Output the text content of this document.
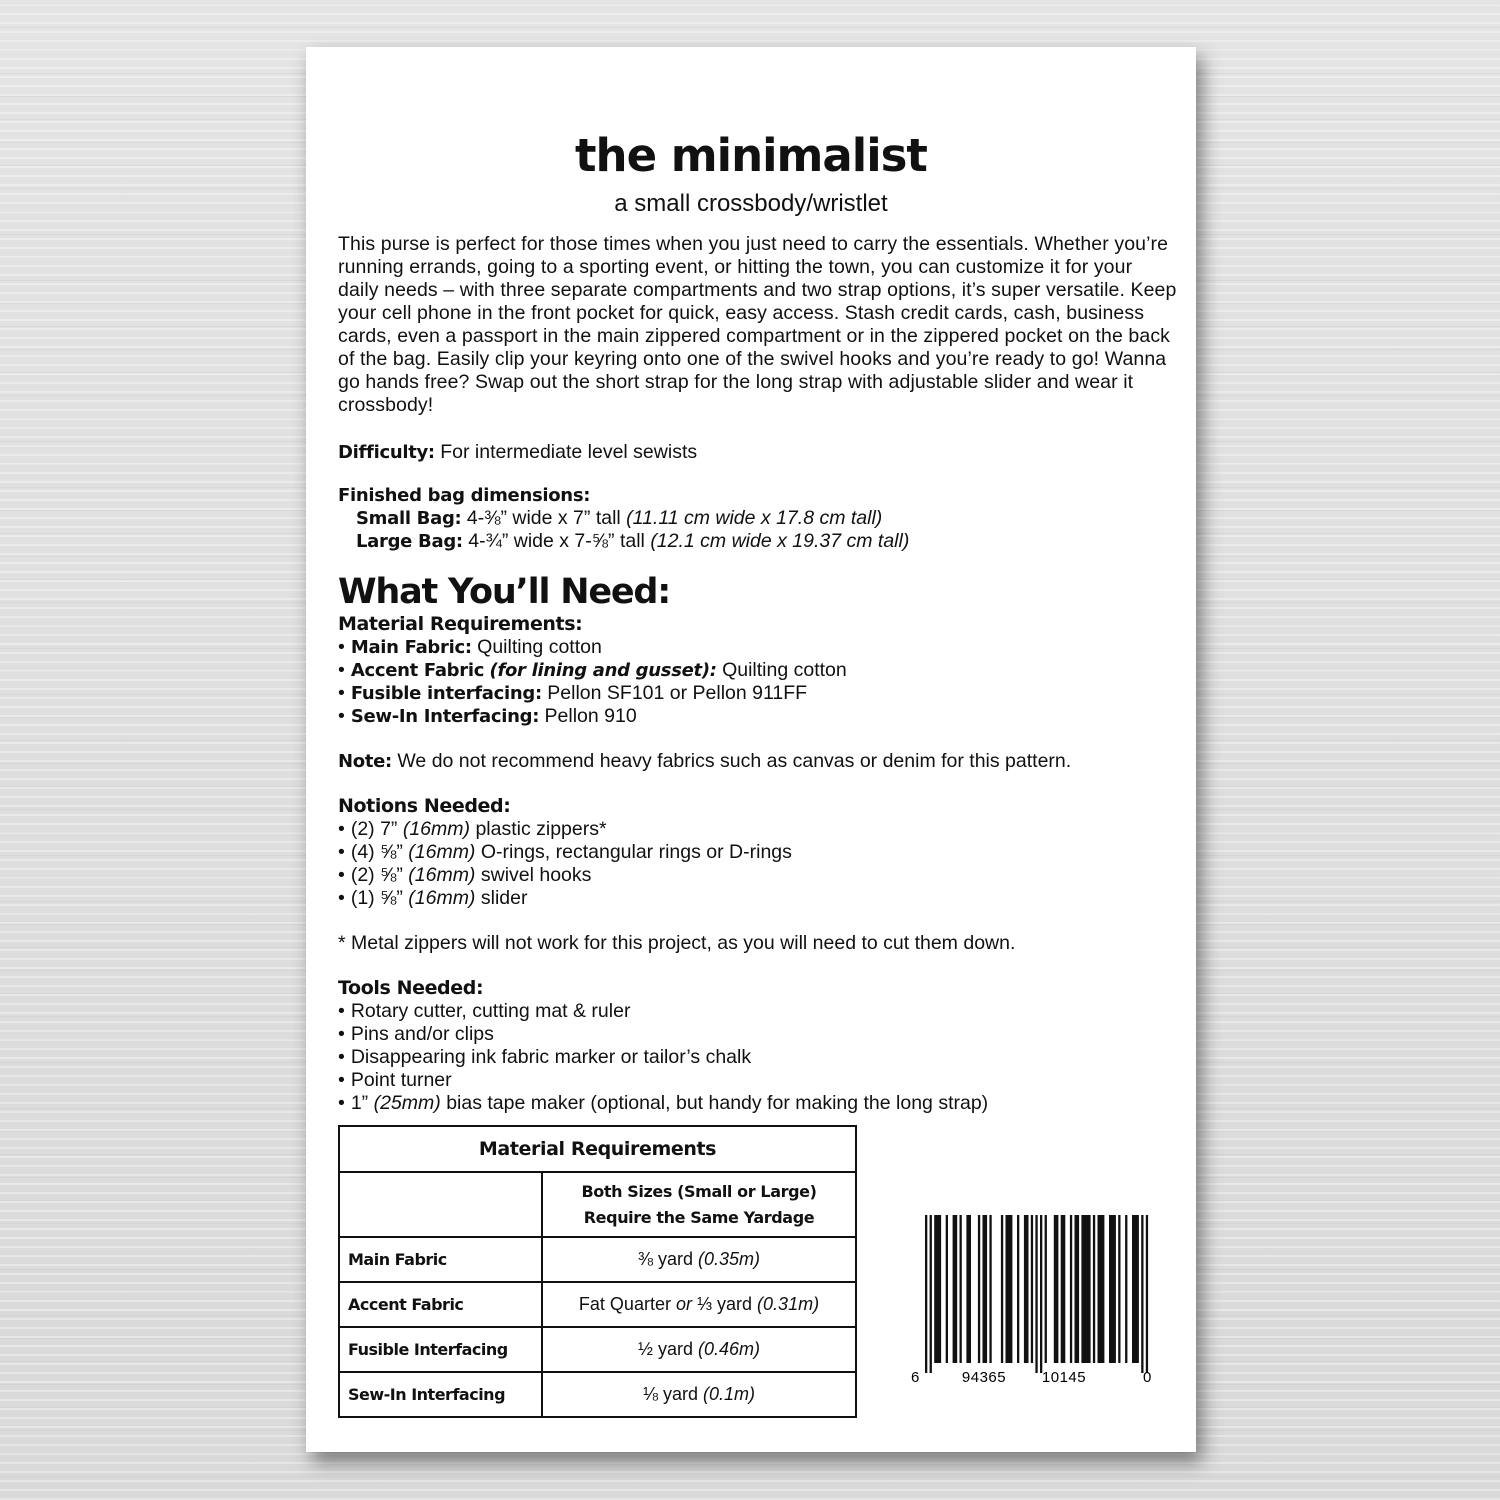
the minimalist
a small crossbody/wristlet

This purse is perfect for those times when you just need to carry the essentials. Whether you’re running errands, going to a sporting event, or hitting the town, you can customize it for your daily needs – with three separate compartments and two strap options, it’s super versatile. Keep your cell phone in the front pocket for quick, easy access. Stash credit cards, cash, business cards, even a passport in the main zippered compartment or in the zippered pocket on the back of the bag. Easily clip your keyring onto one of the swivel hooks and you’re ready to go! Wanna go hands free? Swap out the short strap for the long strap with adjustable slider and wear it crossbody!

Difficulty: For intermediate level sewists
Finished bag dimensions:
Small Bag: 4-⅜” wide x 7” tall (11.11 cm wide x 17.8 cm tall)
Large Bag: 4-¾” wide x 7-⅝” tall (12.1 cm wide x 19.37 cm tall)
What You’ll Need:
Material Requirements:
• Main Fabric: Quilting cotton
• Accent Fabric (for lining and gusset): Quilting cotton
• Fusible interfacing: Pellon SF101 or Pellon 911FF
• Sew-In Interfacing: Pellon 910
Note: We do not recommend heavy fabrics such as canvas or denim for this pattern.
Notions Needed:
• (2) 7” (16mm) plastic zippers*
• (4) ⅝” (16mm) O-rings, rectangular rings or D-rings
• (2) ⅝” (16mm) swivel hooks
• (1) ⅝” (16mm) slider
* Metal zippers will not work for this project, as you will need to cut them down.
Tools Needed:
• Rotary cutter, cutting mat & ruler
• Pins and/or clips
• Disappearing ink fabric marker or tailor’s chalk
• Point turner
• 1” (25mm) bias tape maker (optional, but handy for making the long strap)
Material Requirements	

	Both Sizes (Small or Large)
Require the Same Yardage

Main Fabric	⅜ yard (0.35m)
Accent Fabric	Fat Quarter or ⅓ yard (0.31m)
Fusible Interfacing	½ yard (0.46m)
Sew-In Interfacing	⅛ yard (0.1m)
6	94365 10145	0
